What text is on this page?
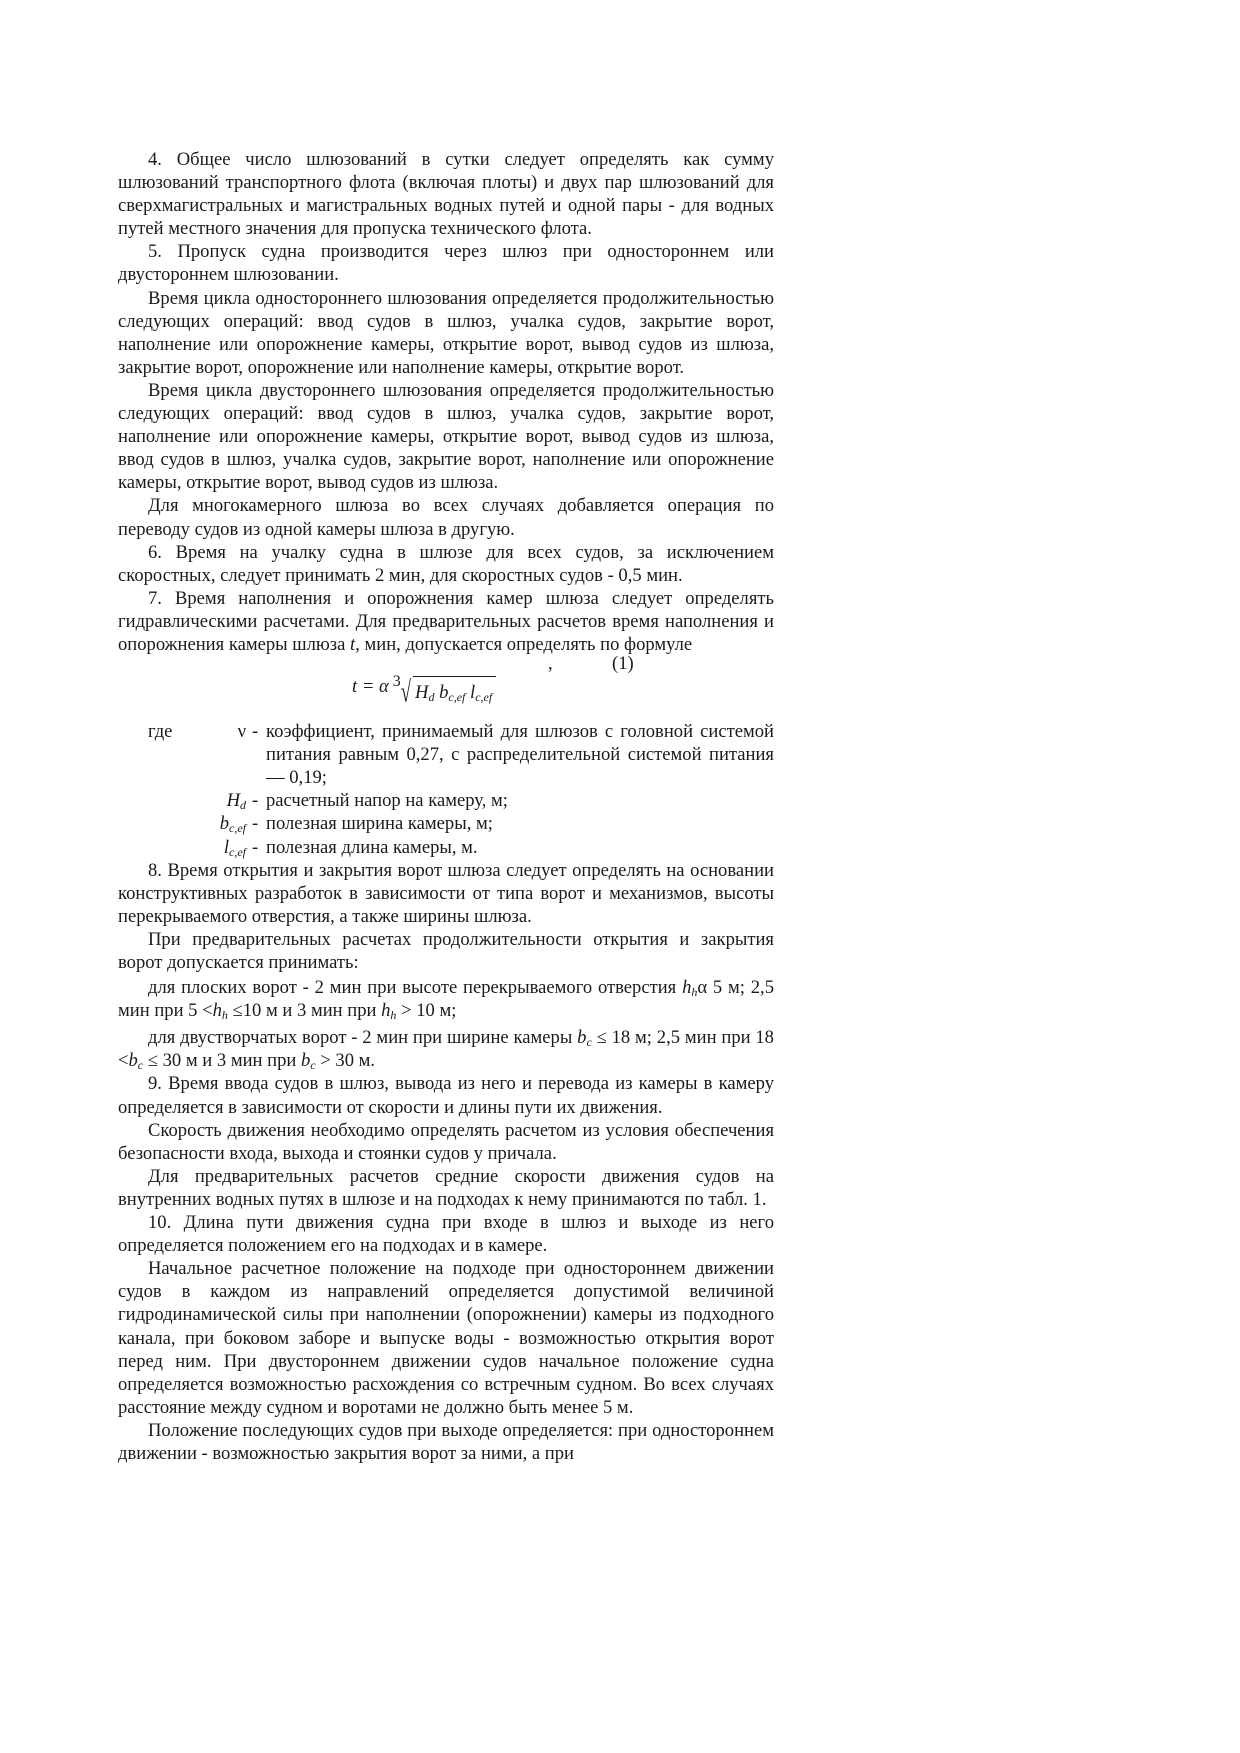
4. Общее число шлюзований в сутки следует определять как сумму шлюзований транспортного флота (включая плоты) и двух пар шлюзований для сверхмагистральных и магистральных водных путей и одной пары - для водных путей местного значения для пропуска технического флота.

5. Пропуск судна производится через шлюз при одностороннем или двустороннем шлюзовании.

Время цикла одностороннего шлюзования определяется продолжительностью следующих операций: ввод судов в шлюз, учалка судов, закрытие ворот, наполнение или опорожнение камеры, открытие ворот, вывод судов из шлюза, закрытие ворот, опорожнение или наполнение камеры, открытие ворот.

Время цикла двустороннего шлюзования определяется продолжительностью следующих операций: ввод судов в шлюз, учалка судов, закрытие ворот, наполнение или опорожнение камеры, открытие ворот, вывод судов из шлюза, ввод судов в шлюз, учалка судов, закрытие ворот, наполнение или опорожнение камеры, открытие ворот, вывод судов из шлюза.

Для многокамерного шлюза во всех случаях добавляется операция по переводу судов из одной камеры шлюза в другую.

6. Время на учалку судна в шлюзе для всех судов, за исключением скоростных, следует принимать 2 мин, для скоростных судов - 0,5 мин.

7. Время наполнения и опорожнения камер шлюза следует определять гидравлическими расчетами. Для предварительных расчетов время наполнения и опорожнения камеры шлюза t, мин, допускается определять по формуле

,	(1)
t = α 3√ $H_d$ $b_{c,ef}$ $l_{c,ef}$
где	ν - коэффициент, принимаемый для шлюзов с головной системой питания равным 0,27, с распределительной системой питания — 0,19;
$H_d$ - расчетный напор на камеру, м;
$b_{c,ef}$ - полезная ширина камеры, м;
$l_{c,ef}$ - полезная длина камеры, м.

8. Время открытия и закрытия ворот шлюза следует определять на основании конструктивных разработок в зависимости от типа ворот и механизмов, высоты перекрываемого отверстия, а также ширины шлюза.

При предварительных расчетах продолжительности открытия и закрытия ворот допускается принимать:

для плоских ворот - 2 мин при высоте перекрываемого отверстия $h_h\alpha$ 5 м; 2,5 мин при $5 <h_h \le 10$ м и 3 мин при $h_h > 10$ м;

для двустворчатых ворот - 2 мин при ширине камеры $b_c \le 18$ м; 2,5 мин при $18 <b_c \le 30$ м и 3 мин при $b_c > 30$ м.

9. Время ввода судов в шлюз, вывода из него и перевода из камеры в камеру определяется в зависимости от скорости и длины пути их движения.

Скорость движения необходимо определять расчетом из условия обеспечения безопасности входа, выхода и стоянки судов у причала.

Для предварительных расчетов средние скорости движения судов на внутренних водных путях в шлюзе и на подходах к нему принимаются по табл. 1.

10. Длина пути движения судна при входе в шлюз и выходе из него определяется положением его на подходах и в камере.

Начальное расчетное положение на подходе при одностороннем движении судов в каждом из направлений определяется допустимой величиной гидродинамической силы при наполнении (опорожнении) камеры из подходного канала, при боковом заборе и выпуске воды - возможностью открытия ворот перед ним. При двустороннем движении судов начальное положение судна определяется возможностью расхождения со встречным судном. Во всех случаях расстояние между судном и воротами не должно быть менее 5 м.

Положение последующих судов при выходе определяется: при одностороннем движении - возможностью закрытия ворот за ними, а при
